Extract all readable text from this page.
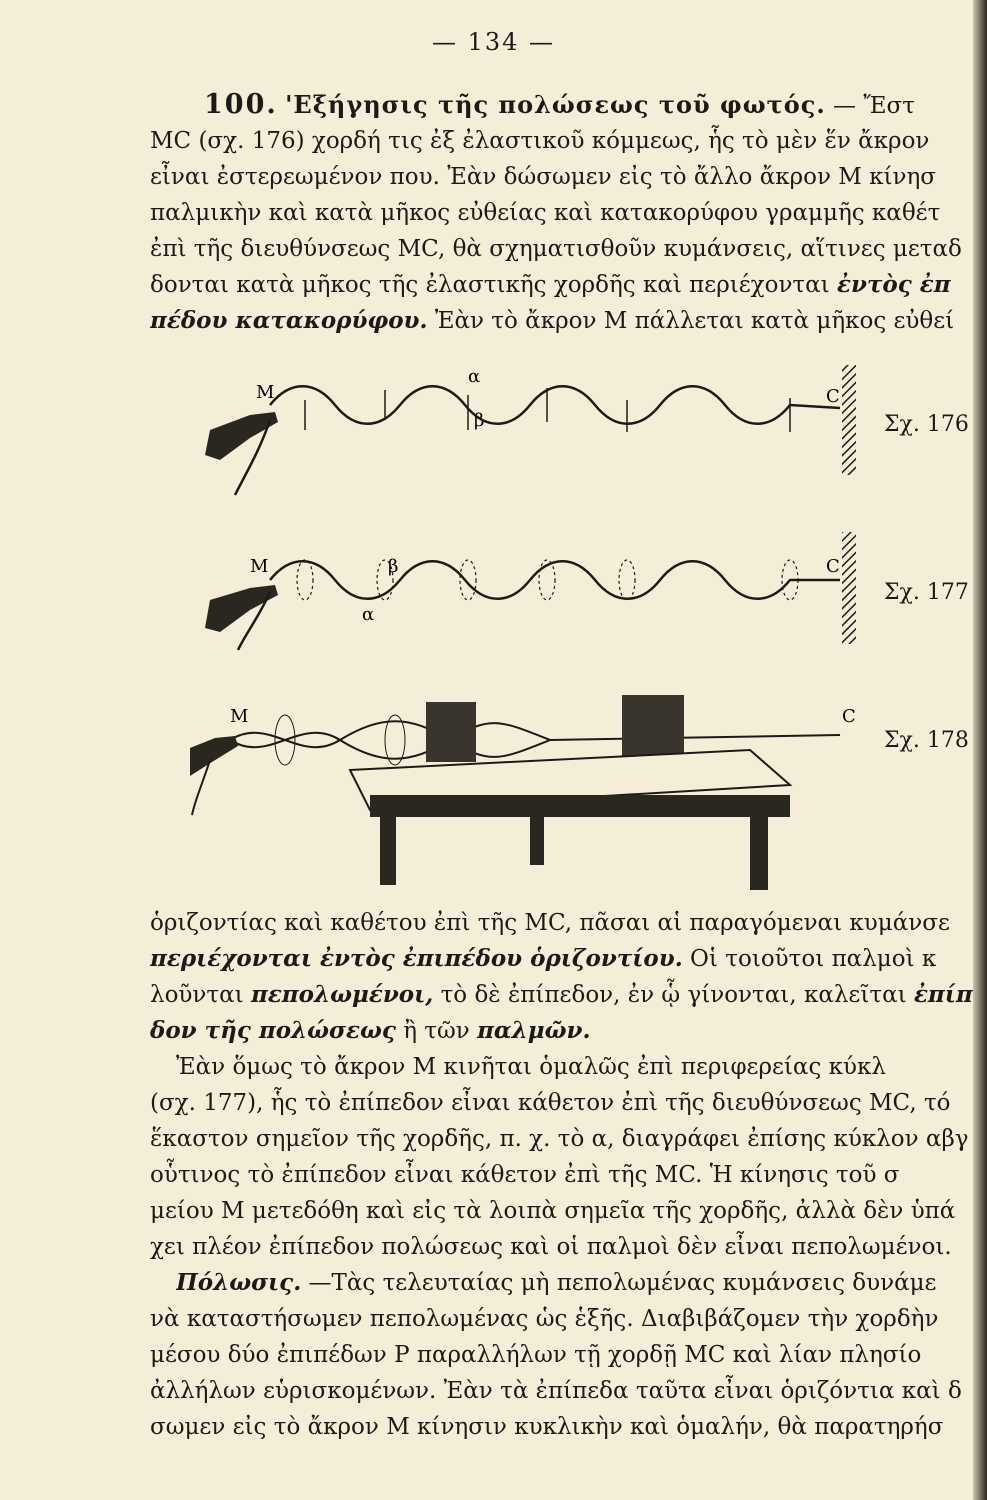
— 134 —
100. 'Εξήγησις τῆς πολώσεως τοῦ φωτός. — Ἔστ
ΜC (σχ. 176) χορδή τις ἐξ ἐλαστικοῦ κόμμεως, ἧς τὸ μὲν ἕν ἄκρον
εἶναι ἐστερεωμένον που. Ἐὰν δώσωμεν εἰς τὸ ἄλλο ἄκρον Μ κίνησ
παλμικὴν καὶ κατὰ μῆκος εὐθείας καὶ κατακορύφου γραμμῆς καθέτ
ἐπὶ τῆς διευθύνσεως ΜC, θὰ σχηματισθοῦν κυμάνσεις, αἵτινες μεταδ
δονται κατὰ μῆκος τῆς ἐλαστικῆς χορδῆς καὶ περιέχονται ἐντὸς ἐπ
πέδου κατακορύφου. Ἐὰν τὸ ἄκρον Μ πάλλεται κατὰ μῆκος εὐθεί
M
α
β
C
Σχ. 176
M	β
α
C
Σχ. 177
M	C
Σχ. 178
ὁριζοντίας καὶ καθέτου ἐπὶ τῆς ΜC, πᾶσαι αἱ παραγόμεναι κυμάνσε
περιέχονται ἐντὸς ἐπιπέδου ὁριζοντίου. Οἱ τοιοῦτοι παλμοὶ κ
λοῦνται πεπολωμένοι, τὸ δὲ ἐπίπεδον, ἐν ᾧ γίνονται, καλεῖται ἐπίπ
δον τῆς πολώσεως ἢ τῶν παλμῶν.
Ἐὰν ὅμως τὸ ἄκρον Μ κινῆται ὁμαλῶς ἐπὶ περιφερείας κύκλ
(σχ. 177), ἧς τὸ ἐπίπεδον εἶναι κάθετον ἐπὶ τῆς διευθύνσεως ΜC, τό
ἕκαστον σημεῖον τῆς χορδῆς, π. χ. τὸ α, διαγράφει ἐπίσης κύκλον αβγ
οὗτινος τὸ ἐπίπεδον εἶναι κάθετον ἐπὶ τῆς ΜC. Ἡ κίνησις τοῦ σ
μείου Μ μετεδόθη καὶ εἰς τὰ λοιπὰ σημεῖα τῆς χορδῆς, ἀλλὰ δὲν ὑπά
χει πλέον ἐπίπεδον πολώσεως καὶ οἱ παλμοὶ δὲν εἶναι πεπολωμένοι.
Πόλωσις. —Τὰς τελευταίας μὴ πεπολωμένας κυμάνσεις δυνάμε
νὰ καταστήσωμεν πεπολωμένας ὡς ἑξῆς. Διαβιβάζομεν τὴν χορδὴν
μέσου δύο ἐπιπέδων Ρ παραλλήλων τῇ χορδῇ ΜC καὶ λίαν πλησίο
ἀλλήλων εὑρισκομένων. Ἐὰν τὰ ἐπίπεδα ταῦτα εἶναι ὁριζόντια καὶ δ
σωμεν εἰς τὸ ἄκρον Μ κίνησιν κυκλικὴν καὶ ὁμαλήν, θὰ παρατηρήσ
